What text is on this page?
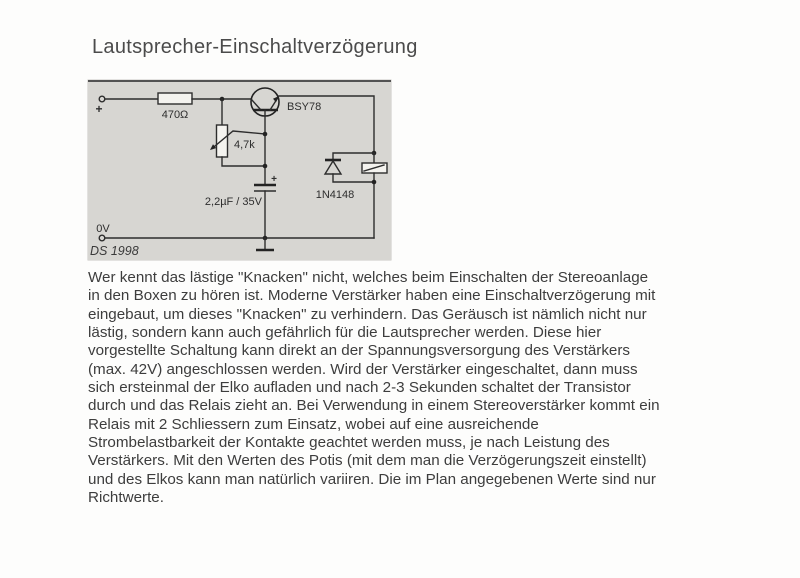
Lautsprecher-Einschaltverzögerung
+	470Ω
4,7k
BSY78
+
2,2µF / 35V
1N4148
0V
DS 1998
Wer kennt das lästige "Knacken" nicht, welches beim Einschalten der Stereoanlage
in den Boxen zu hören ist. Moderne Verstärker haben eine Einschaltverzögerung mit
eingebaut, um dieses "Knacken" zu verhindern. Das Geräusch ist nämlich nicht nur
lästig, sondern kann auch gefährlich für die Lautsprecher werden. Diese hier
vorgestellte Schaltung kann direkt an der Spannungsversorgung des Verstärkers
(max. 42V) angeschlossen werden. Wird der Verstärker eingeschaltet, dann muss
sich ersteinmal der Elko aufladen und nach 2-3 Sekunden schaltet der Transistor
durch und das Relais zieht an. Bei Verwendung in einem Stereoverstärker kommt ein
Relais mit 2 Schliessern zum Einsatz, wobei auf eine ausreichende
Strombelastbarkeit der Kontakte geachtet werden muss, je nach Leistung des
Verstärkers. Mit den Werten des Potis (mit dem man die Verzögerungszeit einstellt)
und des Elkos kann man natürlich variiren. Die im Plan angegebenen Werte sind nur
Richtwerte.
